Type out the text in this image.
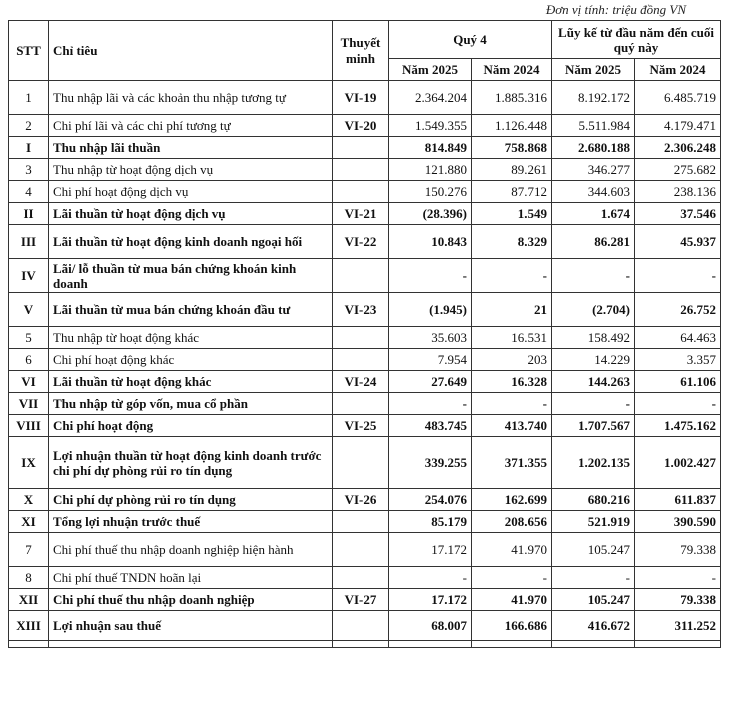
Đơn vị tính: triệu đồng VN
STT	Chỉ tiêu	Thuyết minh	Quý 4		Lũy kế từ đầu năm đến cuối quý này	
			Năm 2025	Năm 2024	Năm 2025	Năm 2024
1	Thu nhập lãi và các khoản thu nhập tương tự	VI-19	2.364.204	1.885.316	8.192.172	6.485.719
2	Chi phí lãi và các chi phí tương tự	VI-20	1.549.355	1.126.448	5.511.984	4.179.471
I	Thu nhập lãi thuần		814.849	758.868	2.680.188	2.306.248
3	Thu nhập từ hoạt động dịch vụ		121.880	89.261	346.277	275.682
4	Chi phí hoạt động dịch vụ		150.276	87.712	344.603	238.136
II	Lãi thuần từ hoạt động dịch vụ	VI-21	(28.396)	1.549	1.674	37.546
III	Lãi thuần từ hoạt động kinh doanh ngoại hối	VI-22	10.843	8.329	86.281	45.937
IV	Lãi/ lỗ thuần từ mua bán chứng khoán kinh doanh		-	-	-	-
V	Lãi thuần từ mua bán chứng khoán đầu tư	VI-23	(1.945)	21	(2.704)	26.752
5	Thu nhập từ hoạt động khác		35.603	16.531	158.492	64.463
6	Chi phí hoạt động khác		7.954	203	14.229	3.357
VI	Lãi thuần từ hoạt động khác	VI-24	27.649	16.328	144.263	61.106
VII	Thu nhập từ góp vốn, mua cổ phần		-	-	-	-
VIII	Chi phí hoạt động	VI-25	483.745	413.740	1.707.567	1.475.162
IX	Lợi nhuận thuần từ hoạt động kinh doanh trước chi phí dự phòng rủi ro tín dụng		339.255	371.355	1.202.135	1.002.427
X	Chi phí dự phòng rủi ro tín dụng	VI-26	254.076	162.699	680.216	611.837
XI	Tổng lợi nhuận trước thuế		85.179	208.656	521.919	390.590
7	Chi phí thuế thu nhập doanh nghiệp hiện hành		17.172	41.970	105.247	79.338
8	Chi phí thuế TNDN hoãn lại		-	-	-	-
XII	Chi phí thuế thu nhập doanh nghiệp	VI-27	17.172	41.970	105.247	79.338
XIII	Lợi nhuận sau thuế		68.007	166.686	416.672	311.252
